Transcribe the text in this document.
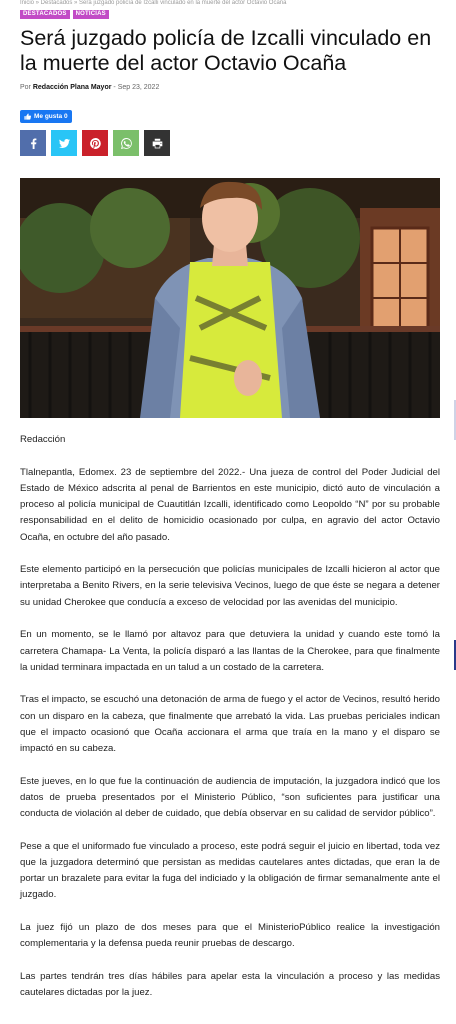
Inicio » Destacados » Será juzgado policía de Izcalli vinculado en la muerte del actor Octavio Ocaña
DESTACADOS	NOTICIAS
Será juzgado policía de Izcalli vinculado en la muerte del actor Octavio Ocaña
Por Redacción Plana Mayor - Sep 23, 2022
Me gusta 0

Redacción

Tlalnepantla, Edomex. 23 de septiembre del 2022.- Una jueza de control del Poder Judicial del Estado de México adscrita al penal de Barrientos en este municipio, dictó auto de vinculación a proceso al policía municipal de Cuautitlán Izcalli, identificado como Leopoldo “N” por su probable responsabilidad en el delito de homicidio ocasionado por culpa, en agravio del actor Octavio Ocaña, en octubre del año pasado.

Este elemento participó en la persecución que policías municipales de Izcalli hicieron al actor que interpretaba a Benito Rivers, en la serie televisiva Vecinos, luego de que éste se negara a detener su unidad Cherokee que conducía a exceso de velocidad por las avenidas del municipio.

En un momento, se le llamó por altavoz para que detuviera la unidad y cuando este tomó la carretera Chamapa- La Venta, la policía disparó a las llantas de la Cherokee, para que finalmente la unidad terminara impactada en un talud a un costado de la carretera.

Tras el impacto, se escuchó una detonación de arma de fuego y el actor de Vecinos, resultó herido con un disparo en la cabeza, que finalmente que arrebató la vida. Las pruebas periciales indican que el impacto ocasionó que Ocaña accionara el arma que traía en la mano y el disparo se impactó en su cabeza.

Este jueves, en lo que fue la continuación de audiencia de imputación, la juzgadora indicó que los datos de prueba presentados por el Ministerio Público, “son suficientes para justificar una conducta de violación al deber de cuidado, que debía observar en su calidad de servidor público”.

Pese a que el uniformado fue vinculado a proceso, este podrá seguir el juicio en libertad, toda vez que la juzgadora determinó que persistan as medidas cautelares antes dictadas, que eran la de portar un brazalete para evitar la fuga del indiciado y la obligación de firmar semanalmente ante el juzgado.

La juez fijó un plazo de dos meses para que el MinisterioPúblico realice la investigación complementaria y la defensa pueda reunir pruebas de descargo.

Las partes tendrán tres días hábiles para apelar esta la vinculación a proceso y las medidas cautelares dictadas por la juez.
